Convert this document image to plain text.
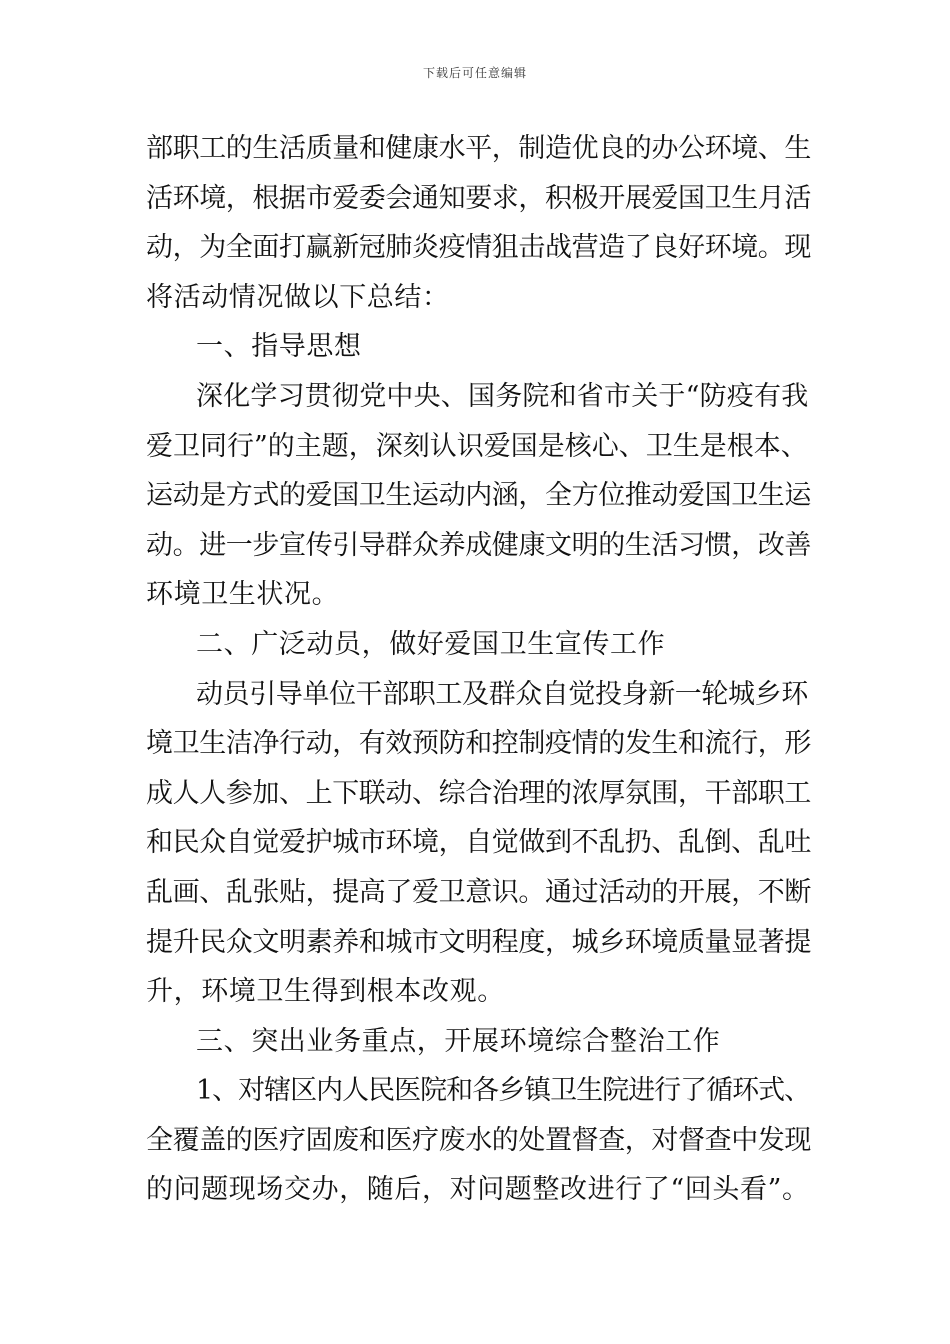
下载后可任意编辑
部职工的生活质量和健康水平，制造优良的办公环境、生
活环境，根据市爱委会通知要求，积极开展爱国卫生月活
动，为全面打赢新冠肺炎疫情狙击战营造了良好环境。现
将活动情况做以下总结：
一、指导思想
深化学习贯彻党中央、国务院和省市关于“防疫有我
爱卫同行”的主题，深刻认识爱国是核心、卫生是根本、
运动是方式的爱国卫生运动内涵，全方位推动爱国卫生运
动。进一步宣传引导群众养成健康文明的生活习惯，改善
环境卫生状况。
二、广泛动员，做好爱国卫生宣传工作
动员引导单位干部职工及群众自觉投身新一轮城乡环
境卫生洁净行动，有效预防和控制疫情的发生和流行，形
成人人参加、上下联动、综合治理的浓厚氛围，干部职工
和民众自觉爱护城市环境，自觉做到不乱扔、乱倒、乱吐
乱画、乱张贴，提高了爱卫意识。通过活动的开展，不断
提升民众文明素养和城市文明程度，城乡环境质量显著提
升，环境卫生得到根本改观。
三、突出业务重点，开展环境综合整治工作
1、对辖区内人民医院和各乡镇卫生院进行了循环式、
全覆盖的医疗固废和医疗废水的处置督查，对督查中发现
的问题现场交办，随后，对问题整改进行了“回头看”。
